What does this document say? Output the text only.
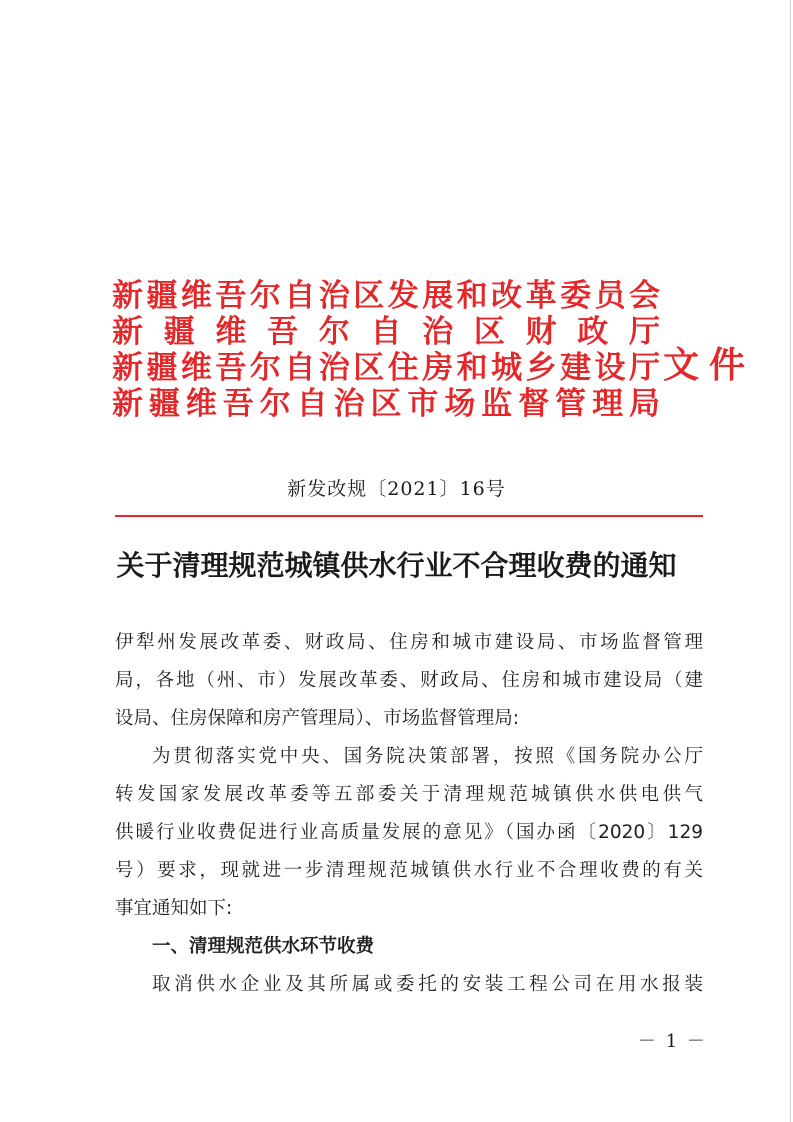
新疆维吾尔自治区发展和改革委员会
新疆维吾尔自治区财政厅
新疆维吾尔自治区住房和城乡建设厅
新疆维吾尔自治区市场监督管理局
文件
新发改规〔2021〕16号
关于清理规范城镇供水行业不合理收费的通知
伊犁州发展改革委、财政局、住房和城市建设局、市场监督管理
局，各地（州、市）发展改革委、财政局、住房和城市建设局（建
设局、住房保障和房产管理局）、市场监督管理局:
为贯彻落实党中央、国务院决策部署，按照《国务院办公厅
转发国家发展改革委等五部委关于清理规范城镇供水供电供气
供暖行业收费促进行业高质量发展的意见》（国办函〔2020〕129
号）要求，现就进一步清理规范城镇供水行业不合理收费的有关
事宜通知如下:
一、清理规范供水环节收费
取消供水企业及其所属或委托的安装工程公司在用水报装
－ 1 －
